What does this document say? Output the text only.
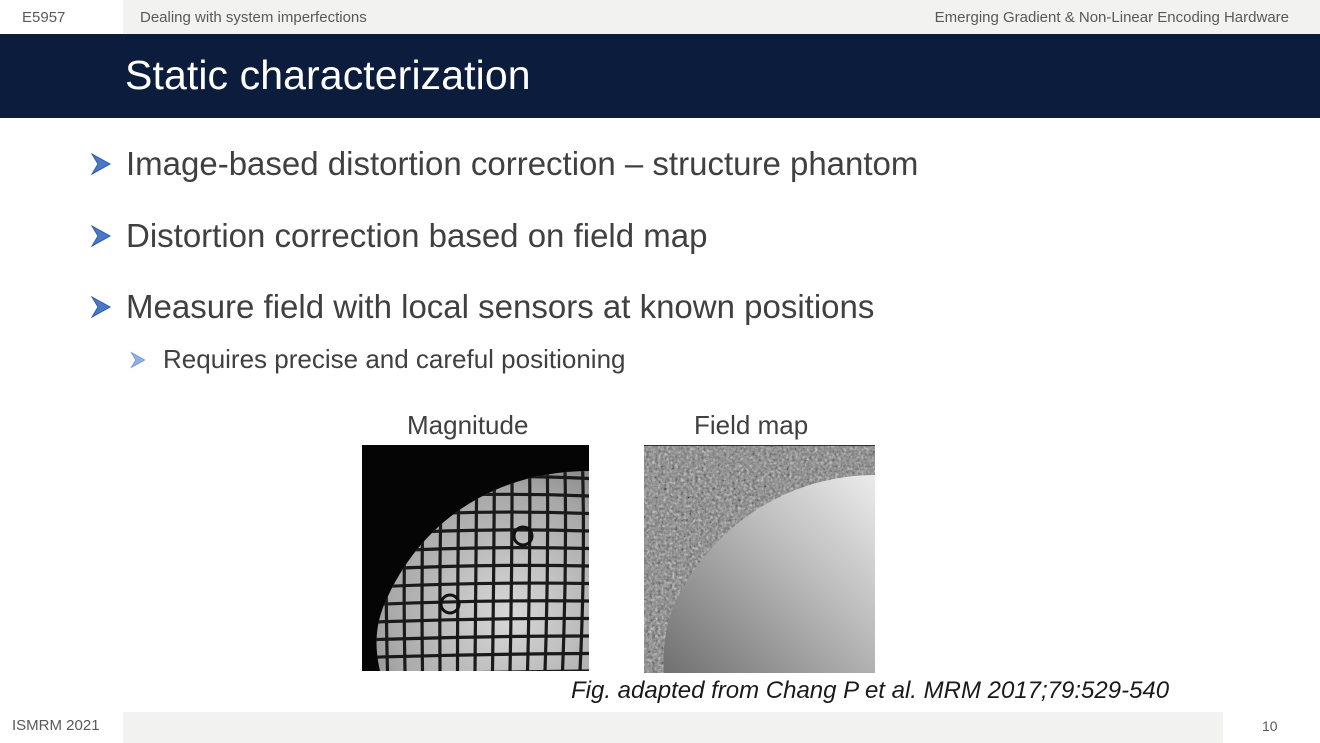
E5957	Dealing with system imperfections	Emerging Gradient & Non-Linear Encoding Hardware
Static characterization
Image-based distortion correction – structure phantom
Distortion correction based on field map
Measure field with local sensors at known positions
Requires precise and careful positioning
Magnitude	Field map
Fig. adapted from Chang P et al. MRM 2017;79:529-540
ISMRM 2021	10
